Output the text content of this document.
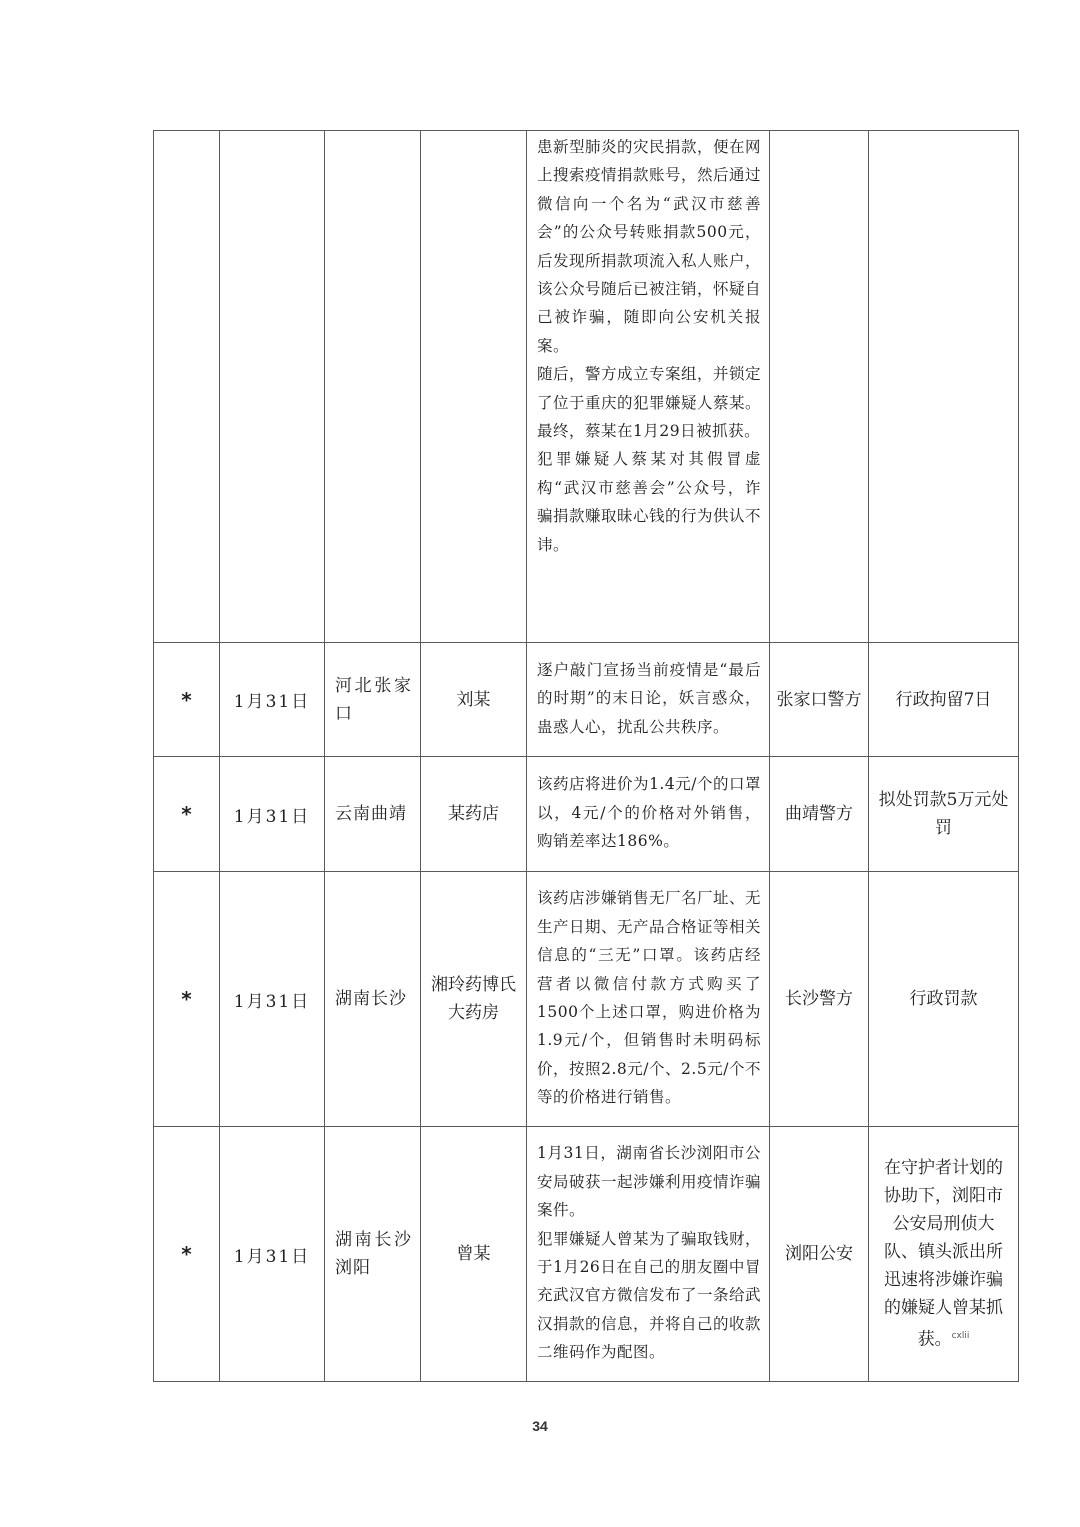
				患新型肺炎的灾民捐款，便在网上搜索疫情捐款账号，然后通过微信向一个名为“武汉市慈善会”的公众号转账捐款500元，后发现所捐款项流入私人账户，该公众号随后已被注销，怀疑自己被诈骗，随即向公安机关报案。

随后，警方成立专案组，并锁定了位于重庆的犯罪嫌疑人蔡某。最终，蔡某在1月29日被抓获。

犯罪嫌疑人蔡某对其假冒虚构“武汉市慈善会”公众号，诈骗捐款赚取昧心钱的行为供认不讳。		

*	1月31日	河北张家口	刘某	逐户敲门宣扬当前疫情是“最后的时期”的末日论，妖言惑众，蛊惑人心，扰乱公共秩序。	张家口警方	行政拘留7日
*	1月31日	云南曲靖	某药店	该药店将进价为1.4元/个的口罩以，4元/个的价格对外销售，购销差率达186%。	曲靖警方	拟处罚款5万元处罚
*	1月31日	湖南长沙	湘玲药博氏大药房	该药店涉嫌销售无厂名厂址、无生产日期、无产品合格证等相关信息的“三无”口罩。该药店经营者以微信付款方式购买了1500个上述口罩，购进价格为1.9元/个，但销售时未明码标价，按照2.8元/个、2.5元/个不等的价格进行销售。	长沙警方	行政罚款
*	1月31日	湖南长沙浏阳	曾某	1月31日，湖南省长沙浏阳市公安局破获一起涉嫌利用疫情诈骗案件。

犯罪嫌疑人曾某为了骗取钱财，于1月26日在自己的朋友圈中冒充武汉官方微信发布了一条给武汉捐款的信息，并将自己的收款二维码作为配图。	浏阳公安	在守护者计划的协助下，浏阳市公安局刑侦大队、镇头派出所迅速将涉嫌诈骗的嫌疑人曾某抓获。$^{cxlii}$
34
